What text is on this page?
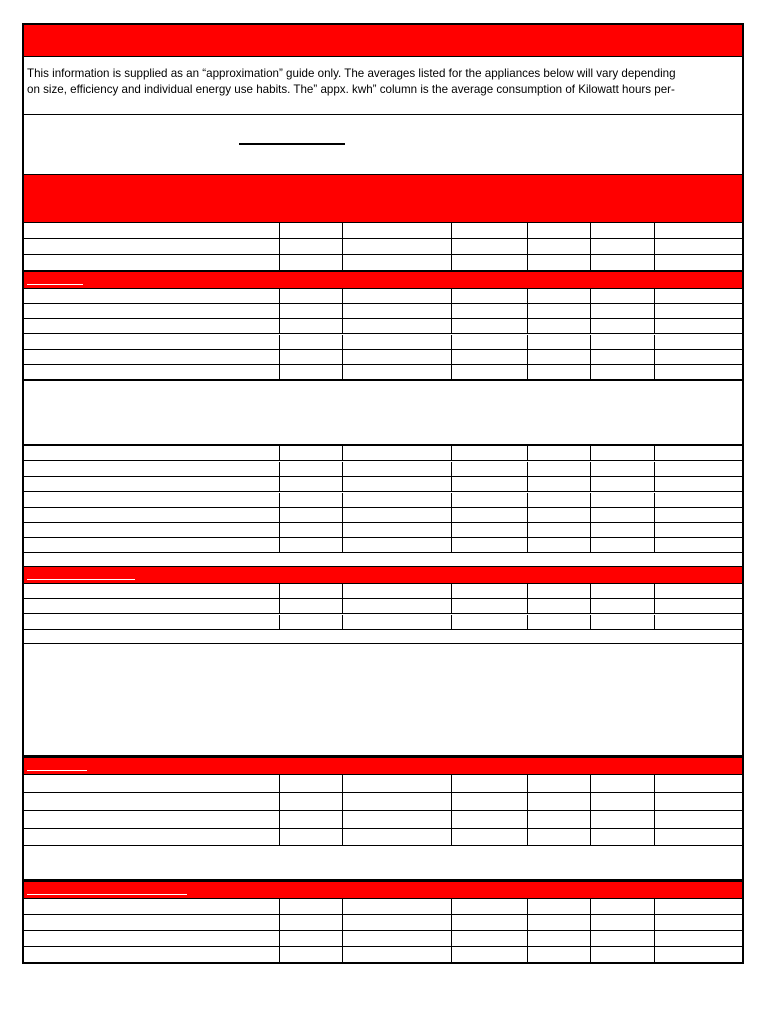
This information is supplied as an “approximation” guide only. The averages listed for the appliances below will vary depending
on size, efficiency and individual energy use habits. The” appx. kwh” column is the average consumption of Kilowatt hours per-
